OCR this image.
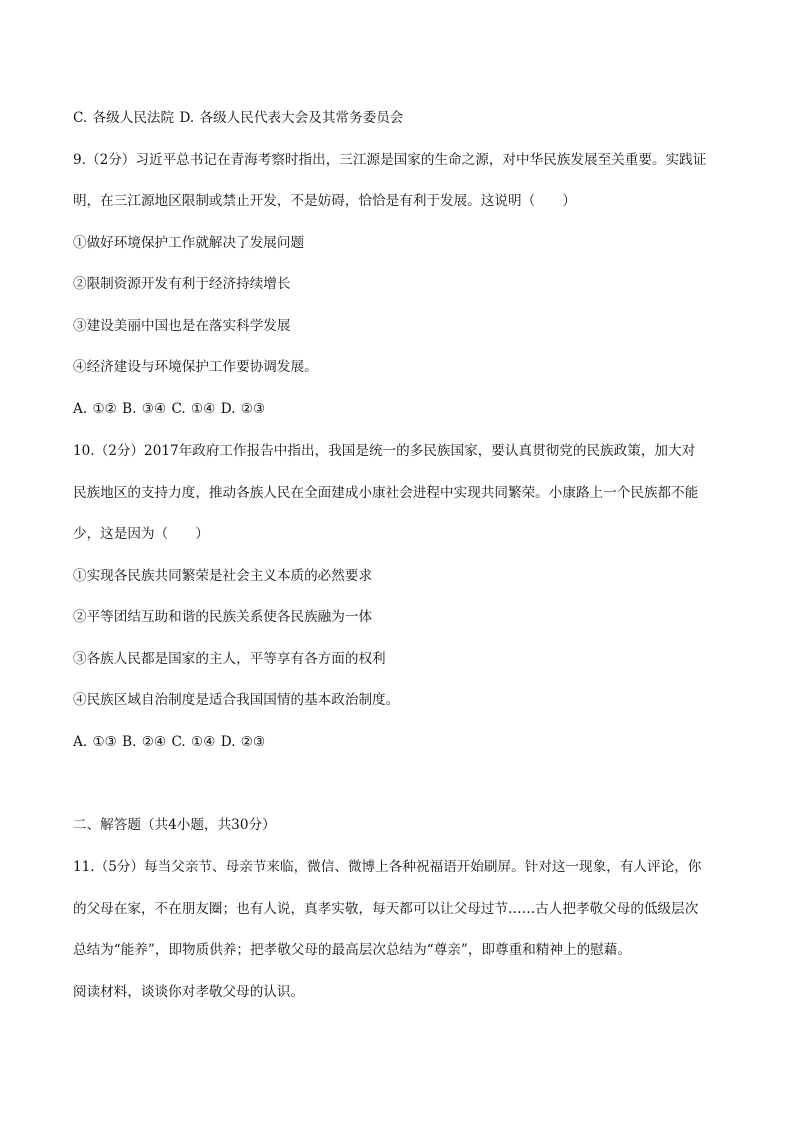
C. 各级人民法院 D. 各级人民代表大会及其常务委员会
9.（2分）习近平总书记在青海考察时指出，三江源是国家的生命之源，对中华民族发展至关重要。实践证
明，在三江源地区限制或禁止开发，不是妨碍，恰恰是有利于发展。这说明（　　）
①做好环境保护工作就解决了发展问题
②限制资源开发有利于经济持续增长
③建设美丽中国也是在落实科学发展
④经济建设与环境保护工作要协调发展。
A. ①② B. ③④ C. ①④ D. ②③
10.（2分）2017年政府工作报告中指出，我国是统一的多民族国家，要认真贯彻党的民族政策，加大对
民族地区的支持力度，推动各族人民在全面建成小康社会进程中实现共同繁荣。小康路上一个民族都不能
少，这是因为（　　）
①实现各民族共同繁荣是社会主义本质的必然要求
②平等团结互助和谐的民族关系使各民族融为一体
③各族人民都是国家的主人，平等享有各方面的权利
④民族区域自治制度是适合我国国情的基本政治制度。
A. ①③ B. ②④ C. ①④ D. ②③
二、解答题（共4小题，共30分）
11.（5分）每当父亲节、母亲节来临，微信、微博上各种祝福语开始刷屏。针对这一现象，有人评论，你
的父母在家，不在朋友圈；也有人说，真孝实敬，每天都可以让父母过节……古人把孝敬父母的低级层次
总结为“能养”，即物质供养；把孝敬父母的最高层次总结为“尊亲”，即尊重和精神上的慰藉。
阅读材料，谈谈你对孝敬父母的认识。
